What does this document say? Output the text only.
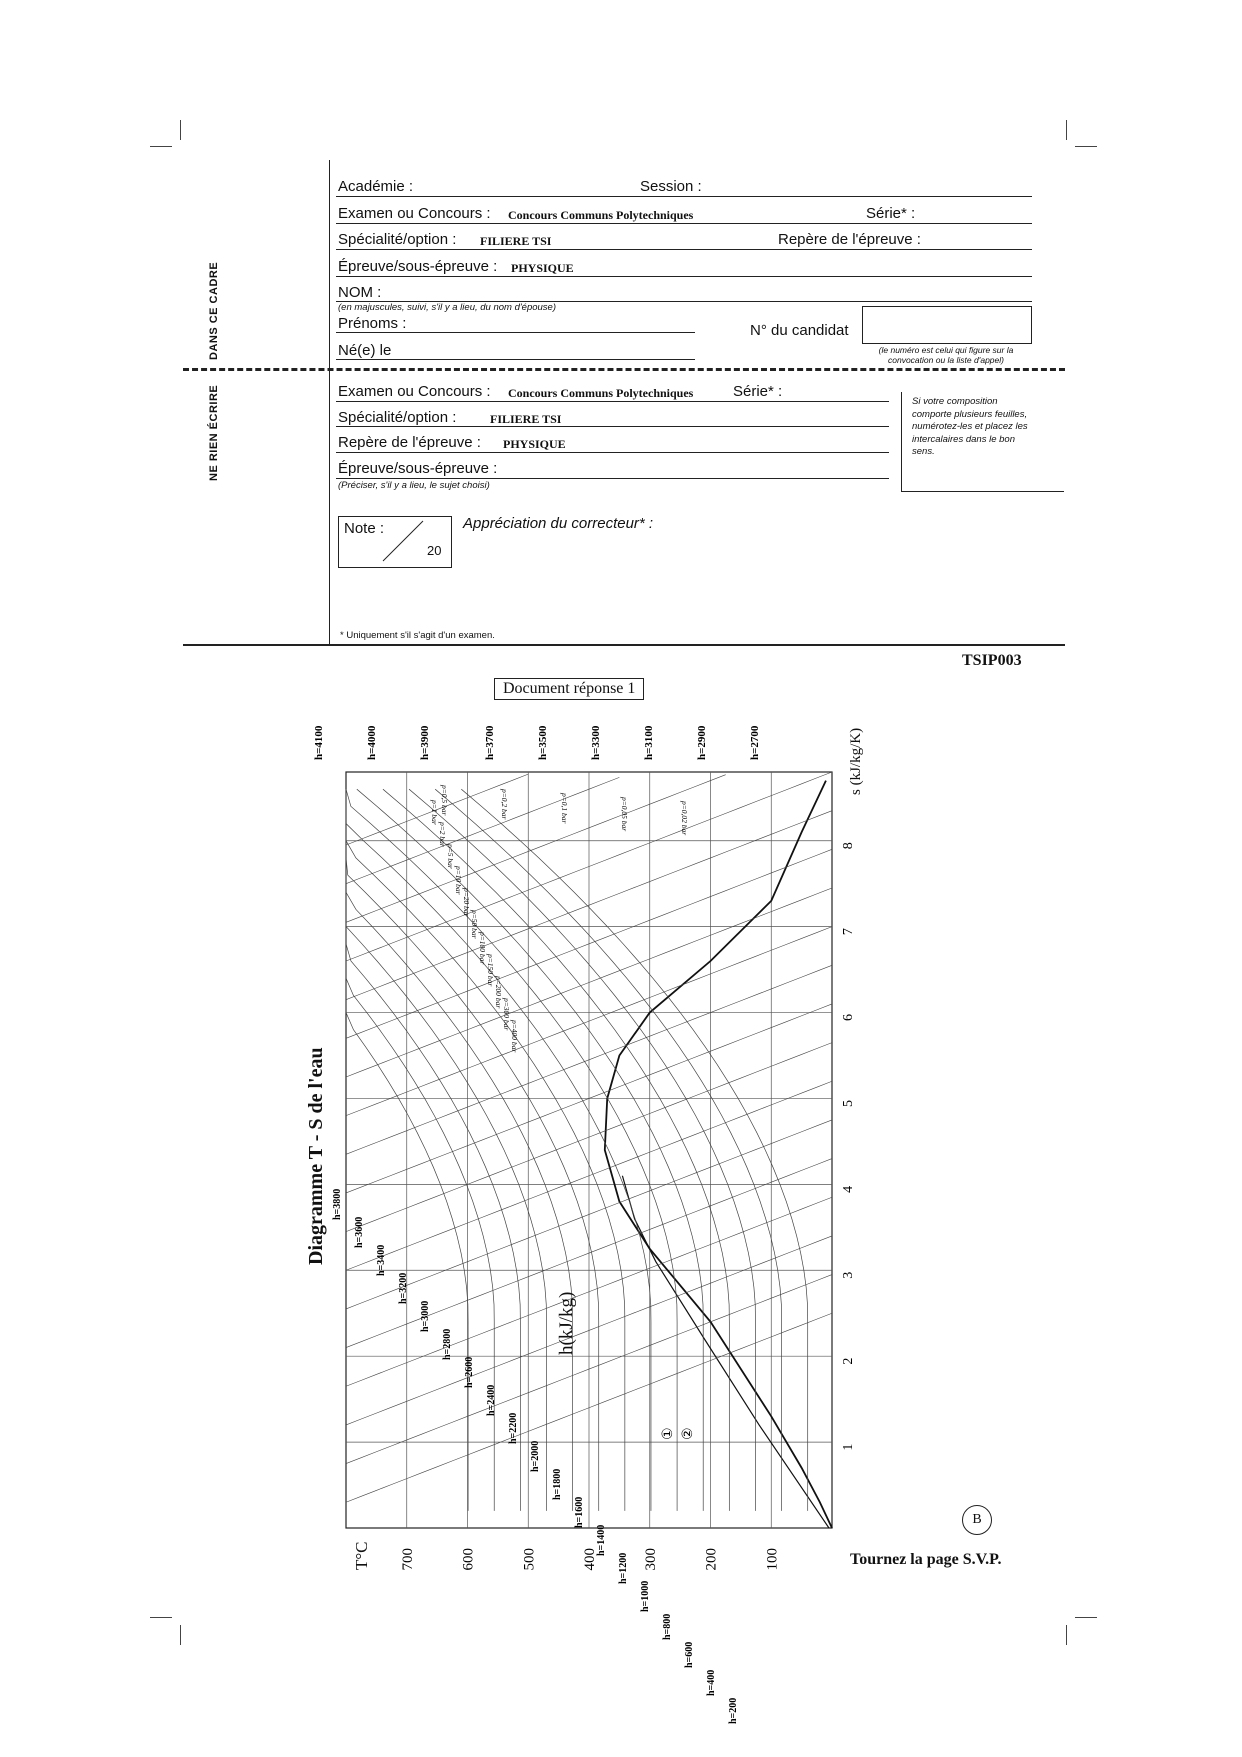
DANS CE CADRE
NE RIEN ÉCRIRE
Académie :	Session :
Examen ou Concours : Concours Communs Polytechniques	Série* :
Spécialité/option : FILIERE TSI	Repère de l'épreuve :
Épreuve/sous-épreuve : PHYSIQUE
NOM :
(en majuscules, suivi, s'il y a lieu, du nom d'épouse)
Prénoms :
Né(e) le
N° du candidat
(le numéro est celui qui figure sur la convocation ou la liste d'appel)
Examen ou Concours : Concours Communs Polytechniques	Série* :
Spécialité/option :	FILIERE TSI
Repère de l'épreuve : PHYSIQUE
Épreuve/sous-épreuve :
(Préciser, s'il y a lieu, le sujet choisi)
Si votre composition comporte plusieurs feuilles, numérotez-les et placez les intercalaires dans le bon sens.
Note :
20
Appréciation du correcteur* :
* Uniquement s'il s'agit d'un examen.
TSIP003
Document réponse 1
700	600	500	400	300	200	100
1
2
3
4
5
6
7
8
h=4100	h=4000	h=3900	h=3700	h=3500	h=3300	h=3100	h=2900	h=2700
h=3800
h=3600
h=3400
h=3200
h=3000
h=2800
h=2600
h=2400
h=2200
h=2000
h=1800
h=1600
h=1400
h=1200
h=1000
h=800
h=600
h=400
h=200
p=1 bar
p=2 bar
p=5 bar
p=10 bar
p=20 bar
p=50 bar
p=100 bar
p=150 bar
p=200 bar
p=300 bar
p=400 bar
p=0,5 bar	p=0,2 bar	p=0,1 bar	p=0,05 bar	p=0,02 bar
① ②
Diagramme T - S de l'eau
s (kJ/kg/K)
T°C
h(kJ/kg)
B
Tournez la page S.V.P.
